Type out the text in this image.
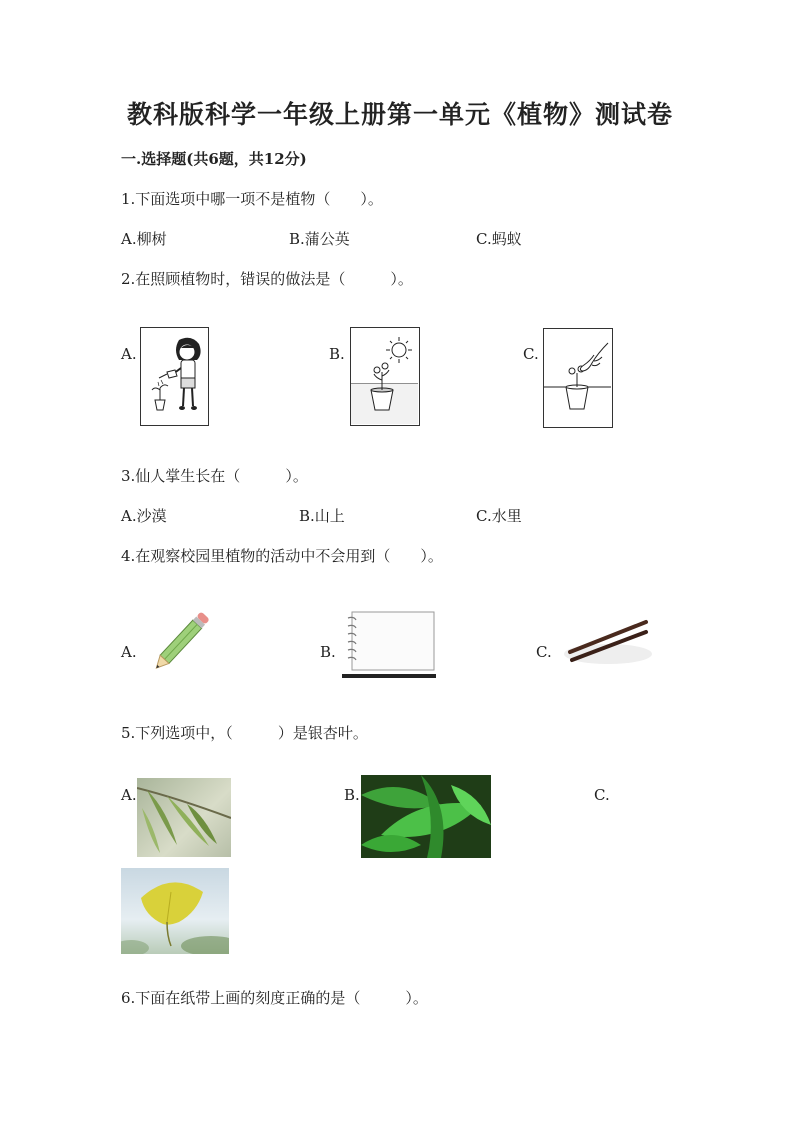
教科版科学一年级上册第一单元《植物》测试卷
一.选择题(共6题，共12分)
1.下面选项中哪一项不是植物（　　）。
A.柳树	B.蒲公英	C.蚂蚁
2.在照顾植物时，错误的做法是（　　　）。
A.	B.	C.
3.仙人掌生长在（　　　）。
A.沙漠	B.山上	C.水里
4.在观察校园里植物的活动中不会用到（　　）。
A.	B.	C.
5.下列选项中，（　　　）是银杏叶。
A.	B.	C.
6.下面在纸带上画的刻度正确的是（　　　）。
